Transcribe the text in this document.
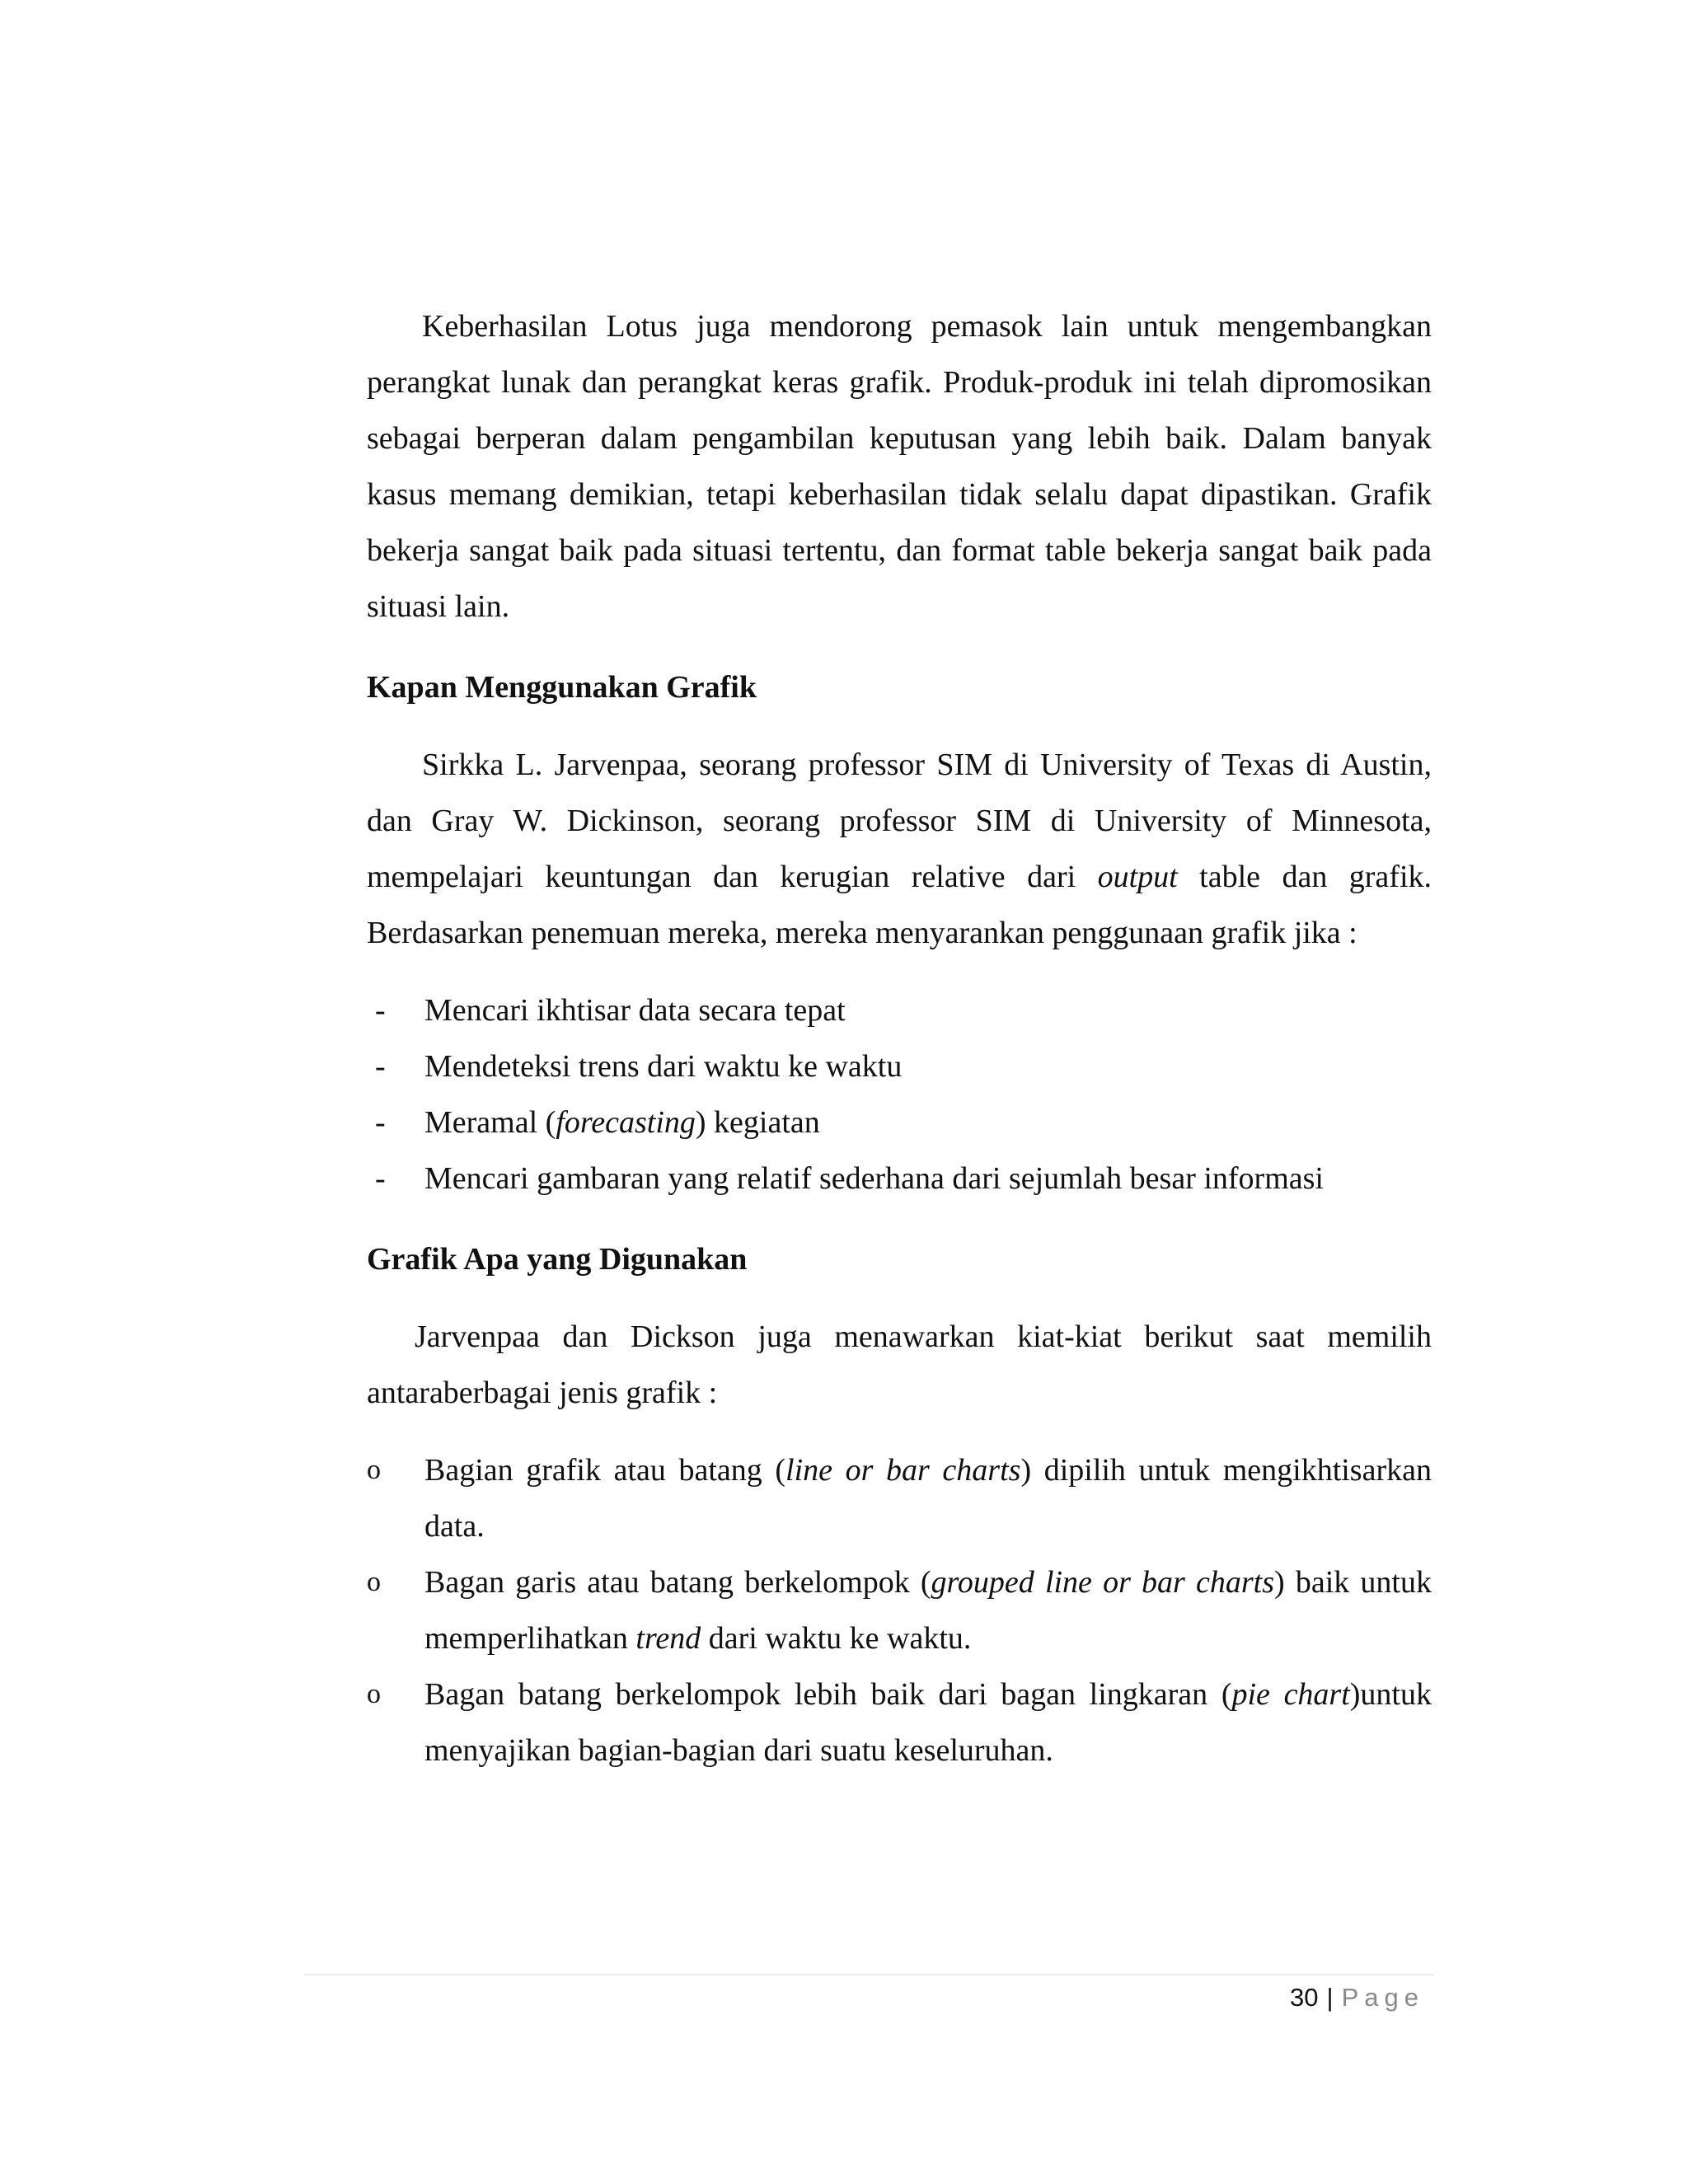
Keberhasilan Lotus juga mendorong pemasok lain untuk mengembangkan perangkat lunak dan perangkat keras grafik. Produk-produk ini telah dipromosikan sebagai berperan dalam pengambilan keputusan yang lebih baik. Dalam banyak kasus memang demikian, tetapi keberhasilan tidak selalu dapat dipastikan. Grafik bekerja sangat baik pada situasi tertentu, dan format table bekerja sangat baik pada situasi lain.

Kapan Menggunakan Grafik

Sirkka L. Jarvenpaa, seorang professor SIM di University of Texas di Austin, dan Gray W. Dickinson, seorang professor SIM di University of Minnesota, mempelajari keuntungan dan kerugian relative dari output table dan grafik. Berdasarkan penemuan mereka, mereka menyarankan penggunaan grafik jika :

- Mencari ikhtisar data secara tepat
- Mendeteksi trens dari waktu ke waktu
- Meramal (forecasting) kegiatan
- Mencari gambaran yang relatif sederhana dari sejumlah besar informasi
Grafik Apa yang Digunakan

Jarvenpaa dan Dickson juga menawarkan kiat-kiat berikut saat memilih antaraberbagai jenis grafik :

o Bagian grafik atau batang (line or bar charts) dipilih untuk mengikhtisarkan data.
o Bagan garis atau batang berkelompok (grouped line or bar charts) baik untuk memperlihatkan trend dari waktu ke waktu.
o Bagan batang berkelompok lebih baik dari bagan lingkaran (pie chart)untuk menyajikan bagian-bagian dari suatu keseluruhan.
30 | Page
